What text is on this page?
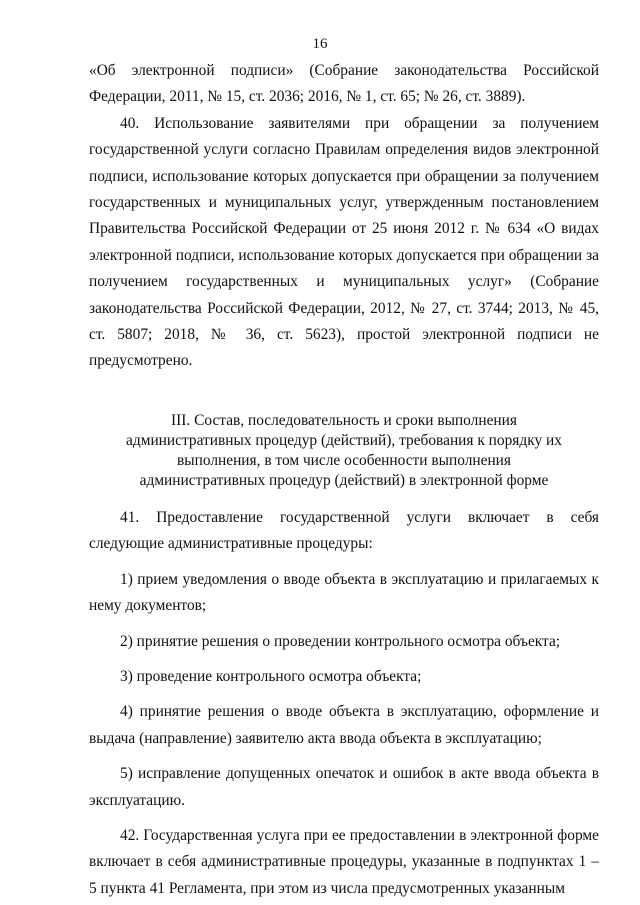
16

«Об электронной подписи» (Собрание законодательства Российской Федерации, 2011, № 15, ст. 2036; 2016, № 1, ст. 65; № 26, ст. 3889).

40. Использование заявителями при обращении за получением государственной услуги согласно Правилам определения видов электронной подписи, использование которых допускается при обращении за получением государственных и муниципальных услуг, утвержденным постановлением Правительства Российской Федерации от 25 июня 2012 г. № 634 «О видах электронной подписи, использование которых допускается при обращении за получением государственных и муниципальных услуг» (Собрание законодательства Российской Федерации, 2012, № 27, ст. 3744; 2013, № 45, ст. 5807; 2018, № 36, ст. 5623), простой электронной подписи не предусмотрено.

III. Состав, последовательность и сроки выполнения административных процедур (действий), требования к порядку их выполнения, в том числе особенности выполнения административных процедур (действий) в электронной форме

41. Предоставление государственной услуги включает в себя следующие административные процедуры:

1) прием уведомления о вводе объекта в эксплуатацию и прилагаемых к нему документов;

2) принятие решения о проведении контрольного осмотра объекта;

3) проведение контрольного осмотра объекта;

4) принятие решения о вводе объекта в эксплуатацию, оформление и выдача (направление) заявителю акта ввода объекта в эксплуатацию;

5) исправление допущенных опечаток и ошибок в акте ввода объекта в эксплуатацию.

42. Государственная услуга при ее предоставлении в электронной форме включает в себя административные процедуры, указанные в подпунктах 1 – 5 пункта 41 Регламента, при этом из числа предусмотренных указанным
